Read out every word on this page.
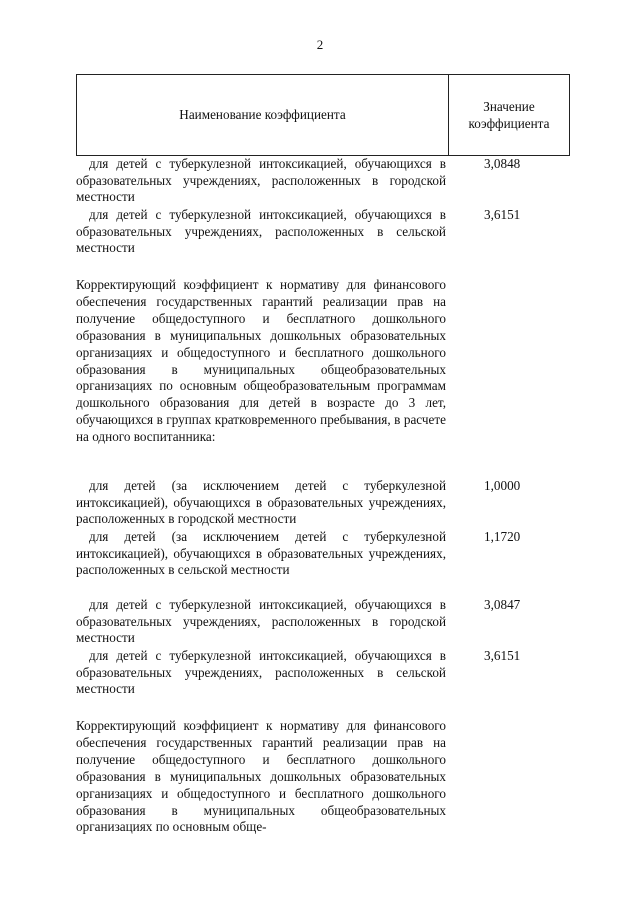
2
Наименование коэффициента
Значение
коэффициента
для детей с туберкулезной интоксикацией, обучающихся в образовательных учреждениях, расположенных в городской местности
3,0848
для детей с туберкулезной интоксикацией, обучающихся в образовательных учреждениях, расположенных в сельской местности
3,6151
Корректирующий коэффициент к нормативу для финансового обеспечения государственных гарантий реализации прав на получение общедоступного и бесплатного дошкольного образования в муниципальных дошкольных образовательных организациях и общедоступного и бесплатного дошкольного образования в муниципальных общеобразовательных организациях по основным общеобразовательным программам дошкольного образования для детей в возрасте до 3 лет, обучающихся в группах кратковременного пребывания, в расчете на одного воспитанника:
для детей (за исключением детей с туберкулезной интоксикацией), обучающихся в образовательных учреждениях, расположенных в городской местности
1,0000
для детей (за исключением детей с туберкулезной интоксикацией), обучающихся в образовательных учреждениях, расположенных в сельской местности
1,1720
для детей с туберкулезной интоксикацией, обучающихся в образовательных учреждениях, расположенных в городской местности
3,0847
для детей с туберкулезной интоксикацией, обучающихся в образовательных учреждениях, расположенных в сельской местности
3,6151
Корректирующий коэффициент к нормативу для финансового обеспечения государственных гарантий реализации прав на получение общедоступного и бесплатного дошкольного образования в муниципальных дошкольных образовательных организациях и общедоступного и бесплатного дошкольного образования в муниципальных общеобразовательных организациях по основным обще-
